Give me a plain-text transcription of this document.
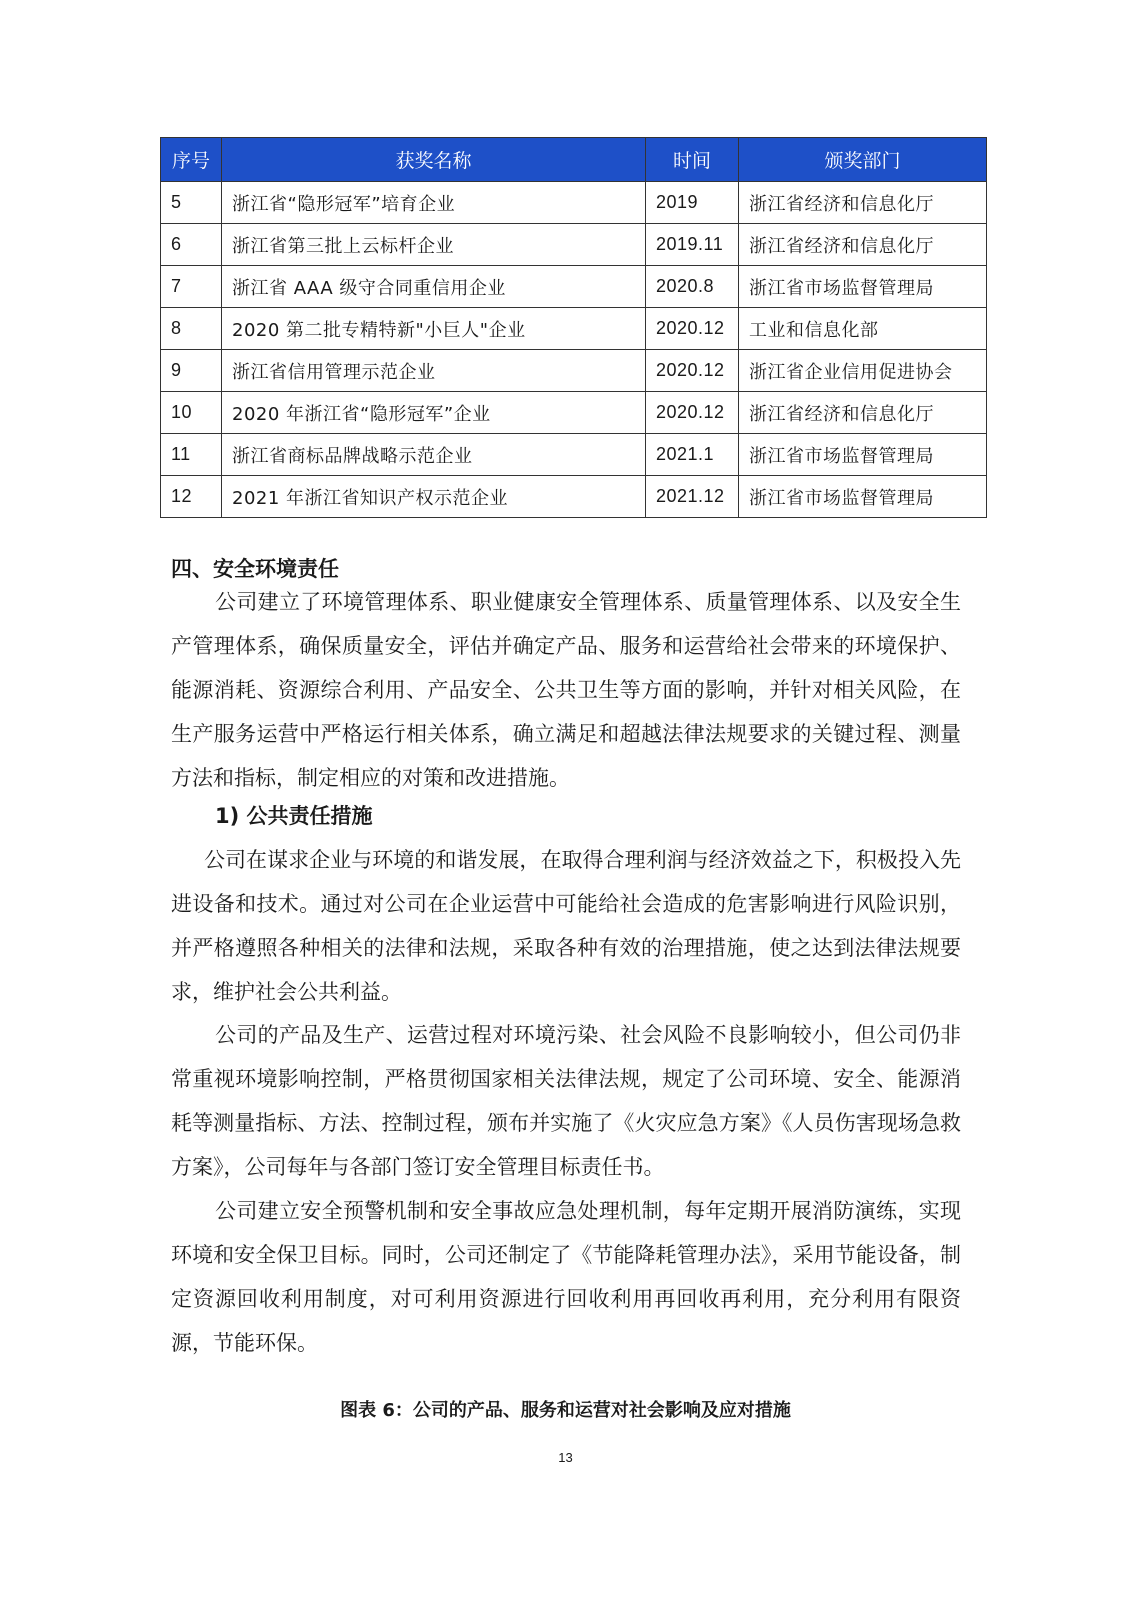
序号	获奖名称	时间	颁奖部门
5	浙江省“隐形冠军”培育企业	2019	浙江省经济和信息化厅
6	浙江省第三批上云标杆企业	2019.11	浙江省经济和信息化厅
7	浙江省 AAA 级守合同重信用企业	2020.8	浙江省市场监督管理局
8	2020 第二批专精特新"小巨人"企业	2020.12	工业和信息化部
9	浙江省信用管理示范企业	2020.12	浙江省企业信用促进协会
10	2020 年浙江省“隐形冠军”企业	2020.12	浙江省经济和信息化厅
11	浙江省商标品牌战略示范企业	2021.1	浙江省市场监督管理局
12	2021 年浙江省知识产权示范企业	2021.12	浙江省市场监督管理局
四、安全环境责任

公司建立了环境管理体系、职业健康安全管理体系、质量管理体系、以及安全生产管理体系，确保质量安全，评估并确定产品、服务和运营给社会带来的环境保护、能源消耗、资源综合利用、产品安全、公共卫生等方面的影响，并针对相关风险，在生产服务运营中严格运行相关体系，确立满足和超越法律法规要求的关键过程、测量方法和指标，制定相应的对策和改进措施。

1) 公共责任措施

公司在谋求企业与环境的和谐发展，在取得合理利润与经济效益之下，积极投入先进设备和技术。通过对公司在企业运营中可能给社会造成的危害影响进行风险识别，并严格遵照各种相关的法律和法规，采取各种有效的治理措施，使之达到法律法规要求，维护社会公共利益。

公司的产品及生产、运营过程对环境污染、社会风险不良影响较小，但公司仍非常重视环境影响控制，严格贯彻国家相关法律法规，规定了公司环境、安全、能源消耗等测量指标、方法、控制过程，颁布并实施了《火灾应急方案》《人员伤害现场急救方案》，公司每年与各部门签订安全管理目标责任书。

公司建立安全预警机制和安全事故应急处理机制，每年定期开展消防演练，实现环境和安全保卫目标。同时，公司还制定了《节能降耗管理办法》，采用节能设备，制定资源回收利用制度，对可利用资源进行回收利用再回收再利用，充分利用有限资源，节能环保。

图表 6：公司的产品、服务和运营对社会影响及应对措施
13
